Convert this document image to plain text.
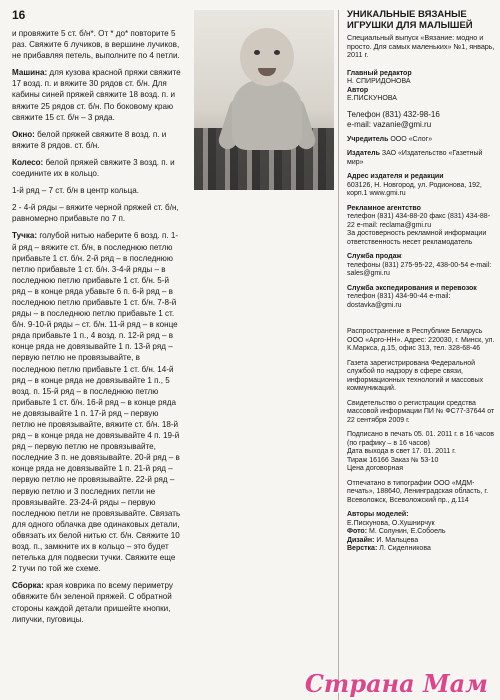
16

и провяжите 5 ст. б/н*. От * до* повторите 5 раз. Свяжите 6 лучиков, в вершине лучиков, не прибавляя петель, выполните по 4 петли.

Машина: для кузова красной пряжи свяжите 17 возд. п. и вяжите 30 рядов ст. б/н. Для кабины синей пряжей свяжите 18 возд. п. и вяжите 25 рядов ст. б/н. По боковому краю свяжите 15 ст. б/н – 3 ряда.

Окно: белой пряжей свяжите 8 возд. п. и вяжите 8 рядов. ст. б/н.

Колесо: белой пряжей свяжите 3 возд. п. и соедините их в кольцо.

1-й ряд – 7 ст. б/н в центр кольца.

2 - 4-й ряды – вяжите черной пряжей ст. б/н, равномерно прибавьте по 7 п.

Тучка: голубой нитью наберите 6 возд. п. 1-й ряд – вяжите ст. б/н, в последнюю петлю прибавьте 1 ст. б/н. 2-й ряд – в последнюю петлю прибавьте 1 ст. б/н. 3-4-й ряды – в последнюю петлю прибавьте 1 ст. б/н. 5-й ряд – в конце ряда убавьте 6 п. 6-й ряд – в последнюю петлю прибавьте 1 ст. б/н. 7-8-й ряды – в последнюю петлю прибавьте 1 ст. б/н. 9-10-й ряды – ст. б/н. 11-й ряд – в конце ряда прибавьте 1 п., 4 возд. п. 12-й ряд – в конце ряда не довязывайте 1 п. 13-й ряд – первую петлю не провязывайте, в последнюю петлю прибавьте 1 ст. б/н. 14-й ряд – в конце ряда не довязывайте 1 п., 5 возд. п. 15-й ряд – в последнюю петлю прибавьте 1 ст. б/н. 16-й ряд – в конце ряда не довязывайте 1 п. 17-й ряд – первую петлю не провязывайте, вяжите ст. б/н. 18-й ряд – в конце ряда не довязывайте 4 п. 19-й ряд – первую петлю не провязывайте, последние 3 п. не довязывайте. 20-й ряд – в конце ряда не довязывайте 1 п. 21-й ряд – первую петлю не провязывайте. 22-й ряд – первую петлю и 3 последних петли не провязывайте. 23-24-й ряды – первую последнюю петли не провязывайте. Связать для одного облачка две одинаковых детали, обвязать их белой нитью ст. б/н. Свяжите 10 возд. п., замкните их в кольцо – это будет петелька для подвески тучки. Свяжите еще 2 тучи по той же схеме.

Сборка: края коврика по всему периметру обвяжите б/н зеленой пряжей. С обратной стороны каждой детали пришейте кнопки, липучки, пуговицы.

УНИКАЛЬНЫЕ ВЯЗАНЫЕ ИГРУШКИ ДЛЯ МАЛЫШЕЙ
Специальный выпуск «Вязание: модно и просто. Для самых маленьких» №1, январь, 2011 г.
Главный редактор
Н. СПИРИДОНОВА
Автор
Е.ПИСКУНОВА
Телефон (831) 432-98-16
e-mail: vazanie@gmi.ru
Учредитель ООО «Слог»
Издатель ЗАО «Издательство «Газетный мир»
Адрес издателя и редакции
603126, Н. Новгород, ул. Родионова, 192, корп.1 www.gmi.ru
Рекламное агентство
телефон (831) 434-88-20 факс (831) 434-88-22 e-mail: reclama@gmi.ru
За достоверность рекламной информации ответственность несет рекламодатель
Служба продаж
телефоны (831) 275-95-22, 438-00-54 e-mail: sales@gmi.ru
Служба экспедирования и перевозок
телефон (831) 434-90-44 e-mail: dostavka@gmi.ru
Распространение в Республике Беларусь ООО «Арго-НН». Адрес: 220030, г. Минск, ул. К.Маркса, д.15, офис 313, тел. 328-68-46
Газета зарегистрирована Федеральной службой по надзору в сфере связи, информационных технологий и массовых коммуникаций.
Свидетельство о регистрации средства массовой информации ПИ № ФС77-37644 от 22 сентября 2009 г.
Подписано в печать 05. 01. 2011 г. в 16 часов (по графику – в 16 часов)
Дата выхода в свет 17. 01. 2011 г.
Тираж 16166 Заказ № 53-10
Цена договорная
Отпечатано в типографии ООО «МДМ-печать», 188640, Ленинградская область, г. Всеволожск, Всеволожский пр., д.114
Авторы моделей:
Е.Пискунова, О.Хушнирчук
Фото: М. Солунин, Е.Собоель
Дизайн: И. Мальцева
Верстка: Л. Сиделникова
Страна Мам
